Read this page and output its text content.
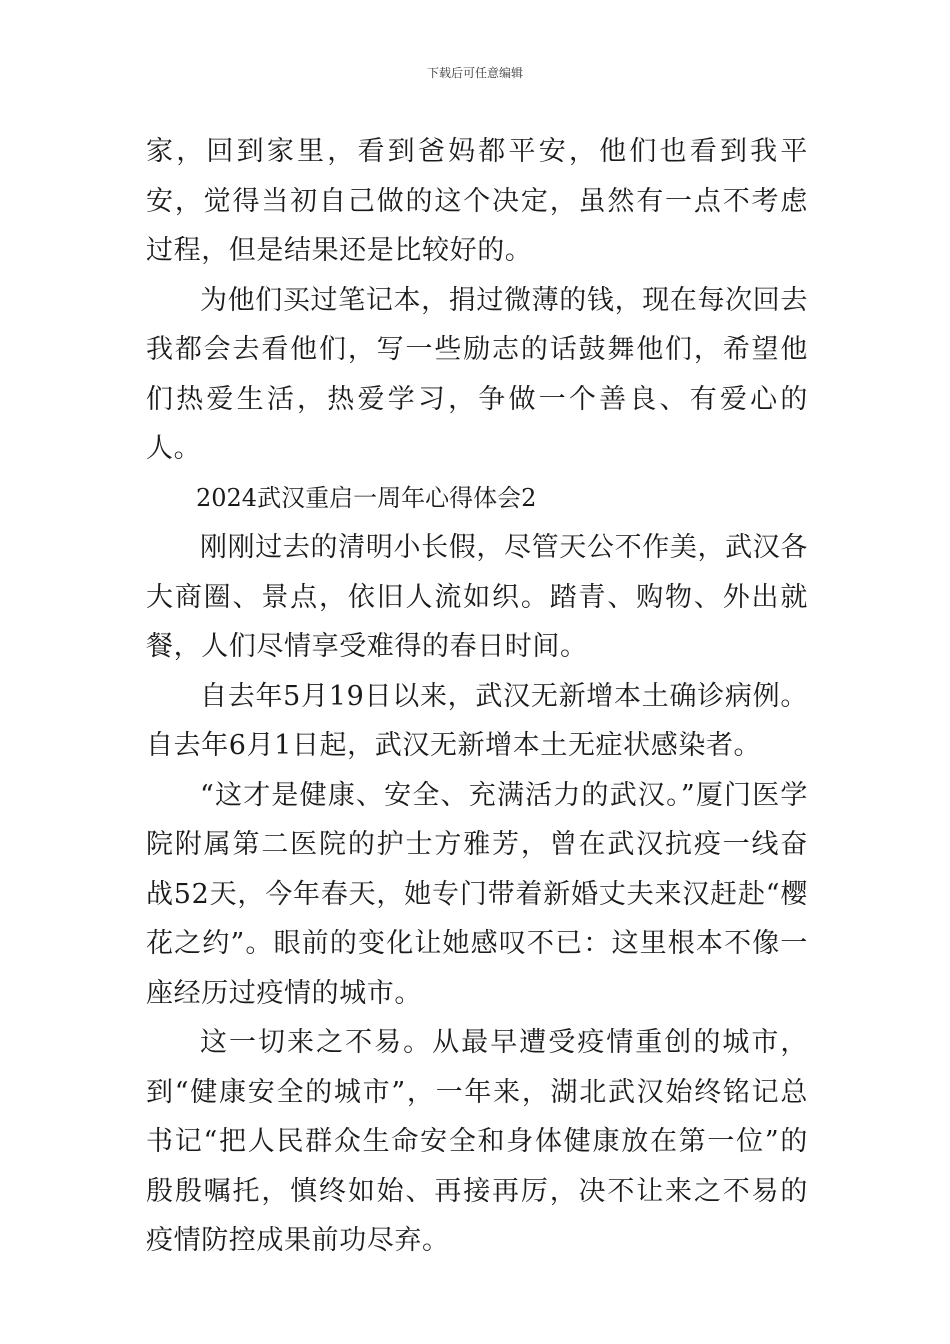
下载后可任意编辑

家，回到家里，看到爸妈都平安，他们也看到我平安，觉得当初自己做的这个决定，虽然有一点不考虑过程，但是结果还是比较好的。

为他们买过笔记本，捐过微薄的钱，现在每次回去我都会去看他们，写一些励志的话鼓舞他们，希望他们热爱生活，热爱学习，争做一个善良、有爱心的人。

2024武汉重启一周年心得体会2

刚刚过去的清明小长假，尽管天公不作美，武汉各大商圈、景点，依旧人流如织。踏青、购物、外出就餐，人们尽情享受难得的春日时间。

自去年5月19日以来，武汉无新增本土确诊病例。自去年6月1日起，武汉无新增本土无症状感染者。

“这才是健康、安全、充满活力的武汉。”厦门医学院附属第二医院的护士方雅芳，曾在武汉抗疫一线奋战52天，今年春天，她专门带着新婚丈夫来汉赶赴“樱花之约”。眼前的变化让她感叹不已：这里根本不像一座经历过疫情的城市。

这一切来之不易。从最早遭受疫情重创的城市，到“健康安全的城市”，一年来，湖北武汉始终铭记总书记“把人民群众生命安全和身体健康放在第一位”的殷殷嘱托，慎终如始、再接再厉，决不让来之不易的疫情防控成果前功尽弃。
